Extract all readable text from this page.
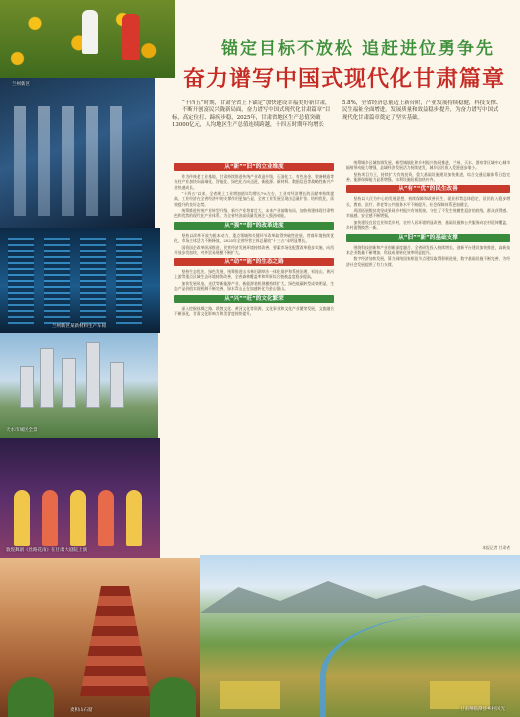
兰州新区
兰州新区某新材料生产车间
天水市城区全景
敦煌舞剧《丝路花雨》在甘肃大剧院上演
麦积山石窟	甘南州临潭县乡村风光
锚定目标不放松 追赶进位勇争先
奋力谱写中国式现代化甘肃篇章
“十四五”时期，甘肃全省上下锚定“加快建设幸福美好新甘肃，不断开创富民兴陇新局面，奋力谱写中国式现代化甘肃篇章”目标，高定位打、蹄疾步稳，2025年，甘肃省地区生产总值突破13000亿元，人均地区生产总值连续跨越，十四五时期年均增长5.8%，全省经济总量迈上新台阶，产业发展持续稳健，科技支撑、民生福祉全面增进，发展质量和效益稳步提升，为奋力谱写中国式现代化甘肃篇章奠定了坚实基础。
从“新”“旧”的立业维度

作为传统老工业基地，甘肃持续推进传统产业改造升级，石油化工、有色冶金、装备制造等支柱产业加快向高端化、智能化、绿色化方向迈进，新能源、新材料、数据信息等战略性新兴产业快速成长。

“十四五”以来，全省规上工业增加值年均增长7%左右，工业对经济增长的贡献率持续提高，工业经济在全省经济中的支撑作用更加凸显，全省工业发展呈现出总量扩张、结构优化、质效提升的良好态势。

统筹推进传统产业转型升级、新兴产业培育壮大、未来产业前瞻布局，加快构建体现甘肃特色和优势的现代化产业体系，为全省经济高质量发展注入强劲动能。

从“强”“弱”的改革进度

坚持以改革开放为根本动力，重点领域和关键环节改革取得突破性进展，营商环境持续优化，市场主体活力不断释放，2025年全省经营主体总量较“十三五”末明显增长。

国资国企改革纵深推进，民营经济发展环境持续改善，要素市场化配置改革稳步实施，向西开放步伐加快，对外贸易规模不断扩大。

从“动”“能”的生态之路

坚持生态优先、绿色发展，统筹推进山水林田湖草沙一体化保护和系统治理，祁连山、黄河上游等重点区域生态环境持续改善，全省森林覆盖率和草原综合植被盖度稳步提高。

加快发展风电、光伏等新能源产业，新能源装机规模持续扩大，绿色低碳转型成效明显，生态产品价值实现机制不断完善，绿水青山正在加速转化为金山银山。

从“兴”“旺”的文化繁荣

深入挖掘丝绸之路、敦煌文化、黄河文化等资源，文化事业和文化产业繁荣发展，文旅融合不断深化，甘肃文化影响力和美誉度持续提升。

统筹城乡区域协调发展，新型城镇化和乡村振兴协同推进，兰州、天水、酒泉等区域中心城市辐射带动能力增强，县域经济发展活力持续迸发，城乡居民收入差距逐步缩小。

坚持项目为王，持续扩大有效投资，重大基础设施建设加快推进，综合交通运输体系日趋完善，能源保障能力显著增强，水利设施短板加快补齐。

从“有”“优”的民生改善

坚持以人民为中心的发展思想，持续保障和改善民生，就业形势总体稳定，居民收入稳步增长，教育、医疗、养老等公共服务水平不断提升，社会保障体系更加健全。

巩固拓展脱贫攻坚成果同乡村振兴有效衔接，守住了不发生规模性返贫的底线，群众获得感、幸福感、安全感不断增强。

加快建设宜居宜业和美乡村，农村人居环境明显改善，基础设施和公共服务向农村延伸覆盖，乡村面貌焕然一新。

从“旧”“新”的基础支撑

围绕科技创新和产业创新深度融合，全省研发投入持续增长，创新平台建设加快推进，高新技术企业数量不断增加，科技成果转化效率明显提升。

数字经济加快发展，算力网络国家枢纽节点建设取得积极进展，数字基础设施不断完善，为经济社会发展提供了有力支撑。

本报记者 甘肃省
